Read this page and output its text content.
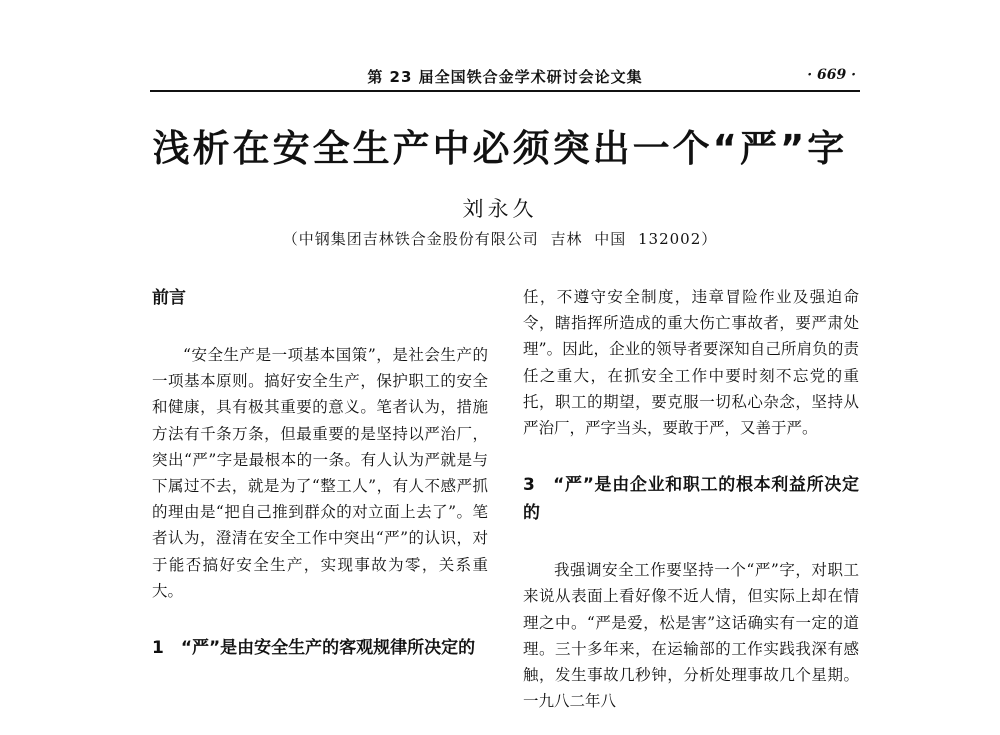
第 23 届全国铁合金学术研讨会论文集	· 669 ·
浅析在安全生产中必须突出一个“严”字
刘永久
（中钢集团吉林铁合金股份有限公司 吉林 中国 132002）
前言

“安全生产是一项基本国策”，是社会生产的一项基本原则。搞好安全生产，保护职工的安全和健康，具有极其重要的意义。笔者认为，措施方法有千条万条，但最重要的是坚持以严治厂，突出“严”字是最根本的一条。有人认为严就是与下属过不去，就是为了“整工人”，有人不感严抓的理由是“把自己推到群众的对立面上去了”。笔者认为，澄清在安全工作中突出“严”的认识，对于能否搞好安全生产，实现事故为零，关系重大。

1　“严”是由安全生产的客观规律所决定的

任，不遵守安全制度，违章冒险作业及强迫命令，瞎指挥所造成的重大伤亡事故者，要严肃处理”。因此，企业的领导者要深知自己所肩负的责任之重大，在抓安全工作中要时刻不忘党的重托，职工的期望，要克服一切私心杂念，坚持从严治厂，严字当头，要敢于严，又善于严。

3　“严”是由企业和职工的根本利益所决定的

我强调安全工作要坚持一个“严”字，对职工来说从表面上看好像不近人情，但实际上却在情理之中。“严是爱，松是害”这话确实有一定的道理。三十多年来，在运输部的工作实践我深有感触，发生事故几秒钟，分析处理事故几个星期。一九八二年八
